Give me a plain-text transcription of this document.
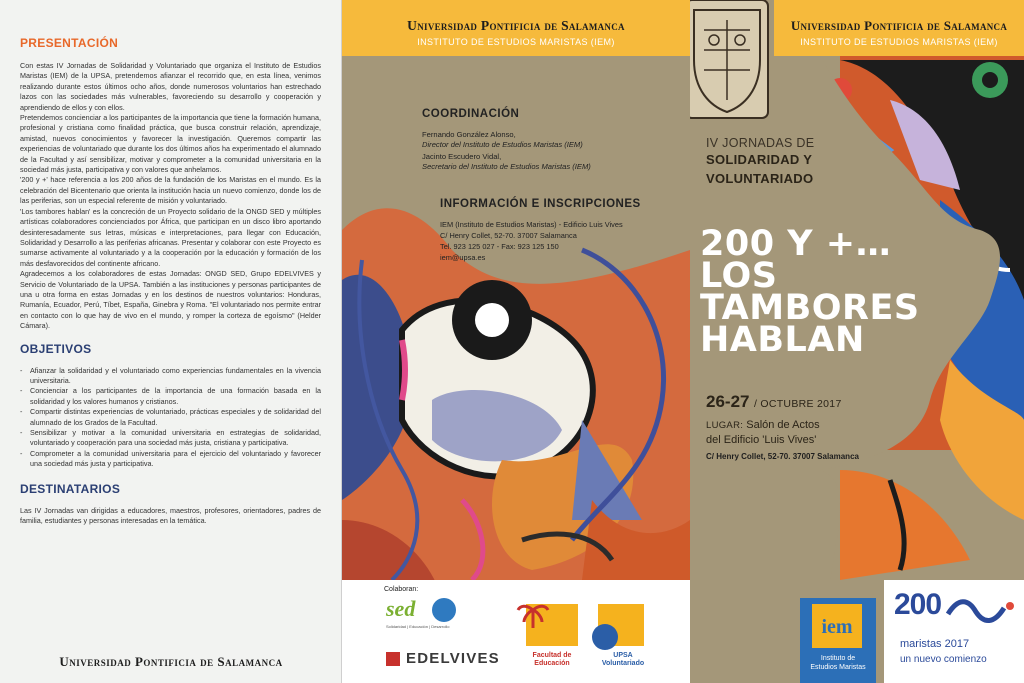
PRESENTACIÓN

Con estas IV Jornadas de Solidaridad y Voluntariado que organiza el Instituto de Estudios Maristas (IEM) de la UPSA, pretendemos afianzar el recorrido que, en esta línea, venimos realizando durante estos últimos ocho años, donde numerosos voluntarios han estrechado lazos con las sociedades más vulnerables, favoreciendo su desarrollo y cooperación y aprendiendo de ellos y con ellos.

Pretendemos concienciar a los participantes de la importancia que tiene la formación humana, profesional y cristiana como finalidad práctica, que busca construir relación, aprendizaje, amistad, nuevos conocimientos y favorecer la investigación. Queremos compartir las experiencias de voluntariado que durante los dos últimos años ha experimentado el alumnado de la Facultad y así sensibilizar, motivar y comprometer a la comunidad universitaria en la sociedad más justa, participativa y con valores que anhelamos.

'200 y +' hace referencia a los 200 años de la fundación de los Maristas en el mundo. Es la celebración del Bicentenario que orienta la institución hacia un nuevo comienzo, donde los de las periferias, son un especial referente de misión y voluntariado.

'Los tambores hablan' es la concreción de un Proyecto solidario de la ONGD SED y múltiples artísticas colaboradores concienciados por África, que participan en un disco libro aportando desinteresadamente sus letras, músicas e interpretaciones, para llegar con Educación, Solidaridad y Desarrollo a las periferias africanas. Presentar y colaborar con este Proyecto es sumarse activamente al voluntariado y a la cooperación por la educación y formación de los más desfavorecidos del continente africano.

Agradecemos a los colaboradores de estas Jornadas: ONGD SED, Grupo EDELVIVES y Servicio de Voluntariado de la UPSA. También a las instituciones y personas participantes de una u otra forma en estas Jornadas y en los destinos de nuestros voluntarios: Honduras, Rumanía, Ecuador, Perú, Tíbet, España, Ginebra y Roma. "El voluntariado nos permite entrar en contacto con lo que hay de vivo en el mundo, y romper la corteza de egoísmo" (Helder Cámara).

OBJETIVOS
- Afianzar la solidaridad y el voluntariado como experiencias fundamentales en la vivencia universitaria.
- Concienciar a los participantes de la importancia de una formación basada en la solidaridad y los valores humanos y cristianos.
- Compartir distintas experiencias de voluntariado, prácticas especiales y de solidaridad del alumnado de los Grados de la Facultad.
- Sensibilizar y motivar a la comunidad universitaria en estrategias de solidaridad, voluntariado y cooperación para una sociedad más justa, cristiana y participativa.
- Comprometer a la comunidad universitaria para el ejercicio del voluntariado y favorecer una sociedad más justa y participativa.
DESTINATARIOS

Las IV Jornadas van dirigidas a educadores, maestros, profesores, orientadores, padres de familia, estudiantes y personas interesadas en la temática.

Universidad Pontificia de Salamanca
Universidad Pontificia de Salamanca
INSTITUTO DE ESTUDIOS MARISTAS (IEM)
COORDINACIÓN
Fernando González Alonso,
Director del Instituto de Estudios Maristas (IEM)
Jacinto Escudero Vidal,
Secretario del Instituto de Estudios Maristas (IEM)
INFORMACIÓN E INSCRIPCIONES
IEM (Instituto de Estudios Maristas) - Edificio Luis Vives
C/ Henry Collet, 52-70. 37007 Salamanca
Tel. 923 125 027 - Fax: 923 125 150
iem@upsa.es
Colaboran:
sed
Solidaridad | Educación | Desarrollo
EDELVIVES	Facultad de
Educación
UPSA
Voluntariado
Universidad Pontificia de Salamanca
INSTITUTO DE ESTUDIOS MARISTAS (IEM)
IV JORNADAS DE
SOLIDARIDAD Y
VOLUNTARIADO
200 Y +…
LOS
TAMBORES
HABLAN
26-27 / OCTUBRE 2017
LUGAR: Salón de Actos
del Edificio 'Luis Vives'
C/ Henry Collet, 52-70. 37007 Salamanca
iem
Instituto de
Estudios Maristas
200
maristas 2017
un nuevo comienzo
